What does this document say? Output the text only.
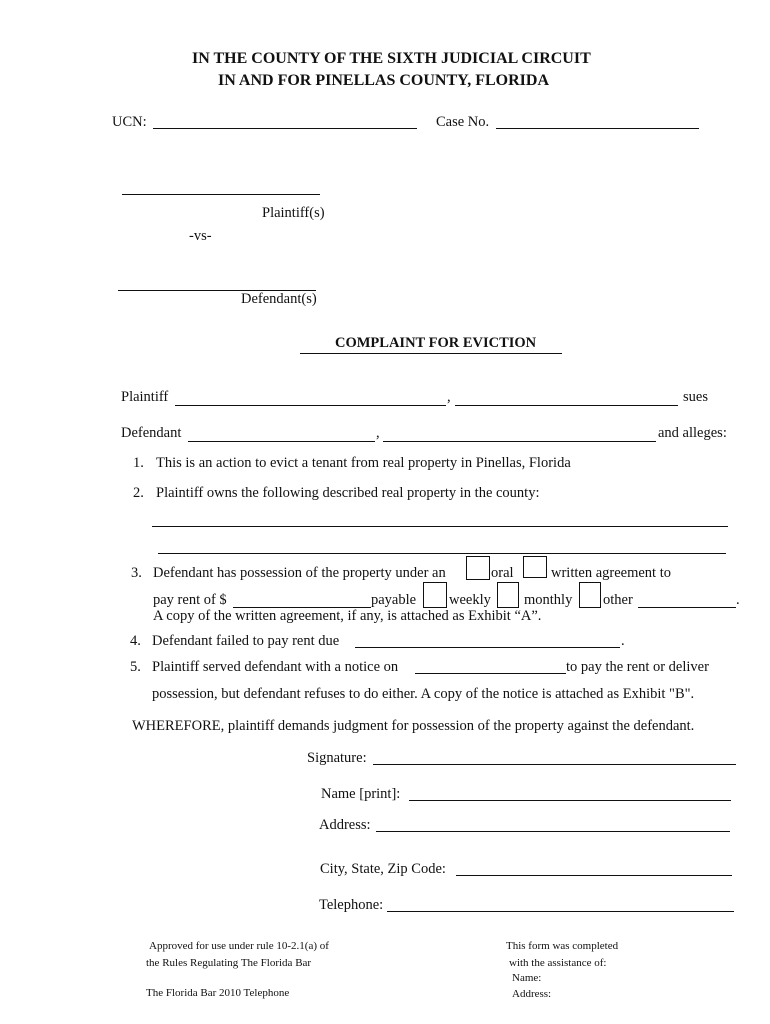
IN THE COUNTY OF THE SIXTH JUDICIAL CIRCUIT
IN AND FOR PINELLAS COUNTY, FLORIDA
UCN:	Case No.
Plaintiff(s)
-vs-
Defendant(s)
COMPLAINT FOR EVICTION
Plaintiff	,	sues
Defendant	,	and alleges:
1. This is an action to evict a tenant from real property in Pinellas, Florida
2. Plaintiff owns the following described real property in the county:
3. Defendant has possession of the property under an	oral	written agreement to
pay rent of $	payable weekly monthly other	.
A copy of the written agreement, if any, is attached as Exhibit “A”.
4. Defendant failed to pay rent due	.
5. Plaintiff served defendant with a notice on	to pay the rent or deliver
possession, but defendant refuses to do either. A copy of the notice is attached as Exhibit "B".
WHEREFORE, plaintiff demands judgment for possession of the property against the defendant.
Signature:
Name [print]:
Address:
City, State, Zip Code:
Telephone:
Approved for use under rule 10-2.1(a) of
the Rules Regulating The Florida Bar
The Florida Bar 2010 Telephone
This form was completed
with the assistance of:
Name:
Address:
